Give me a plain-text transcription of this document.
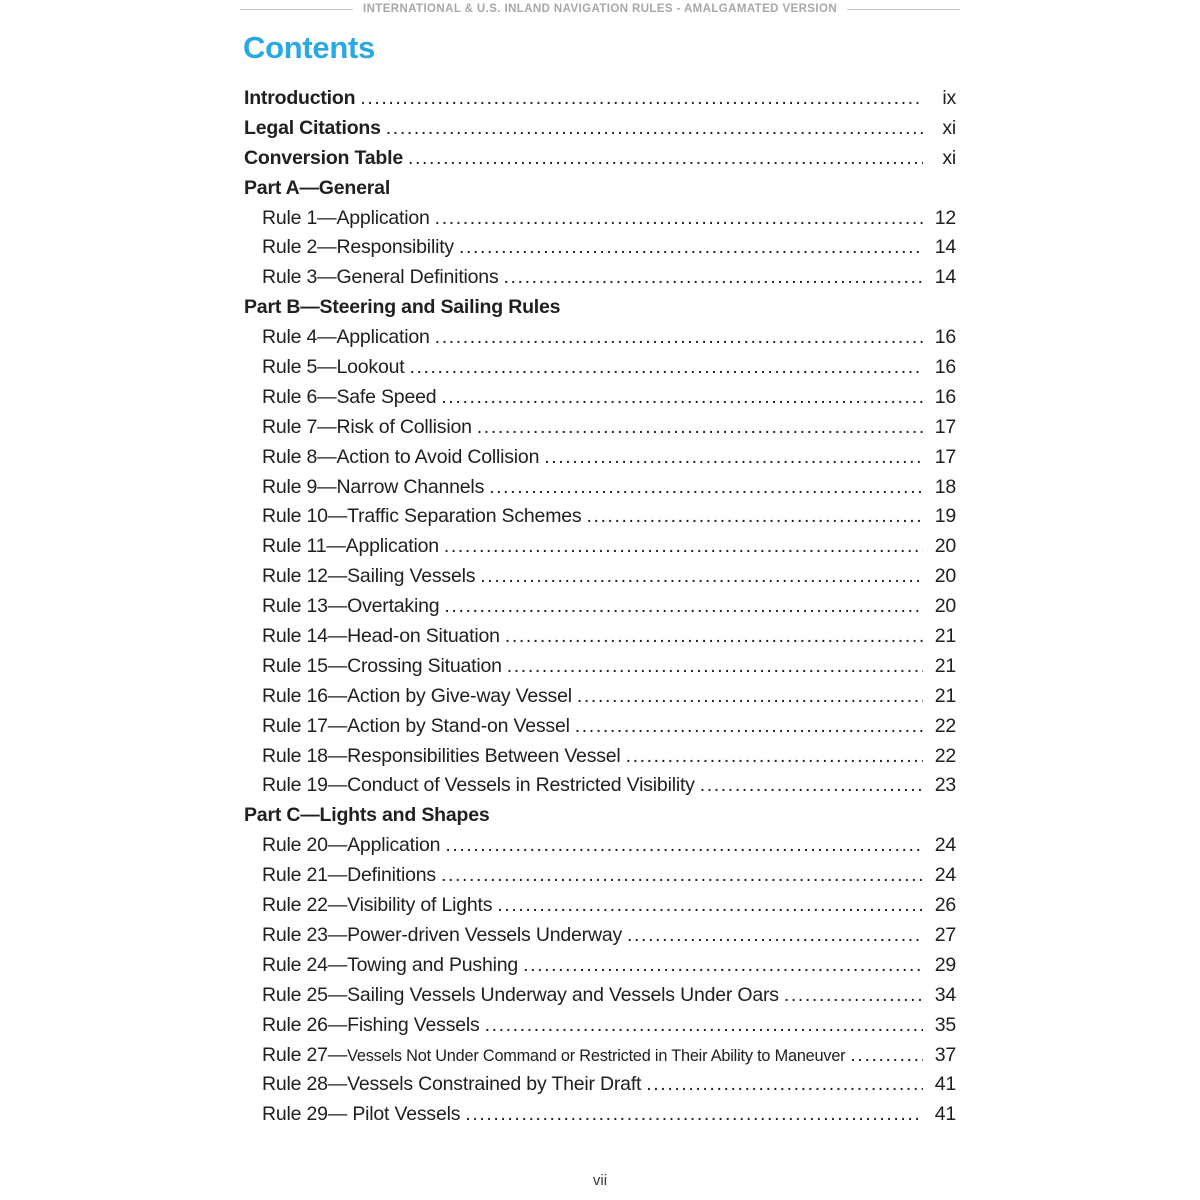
INTERNATIONAL & U.S. INLAND NAVIGATION RULES - AMALGAMATED VERSION
Contents
Introduction .....	ix
Legal Citations .....	xi
Conversion Table .....	xi
Part A—General
Rule 1—Application .....	12
Rule 2—Responsibility .....	14
Rule 3—General Definitions .....	14
Part B—Steering and Sailing Rules
Rule 4—Application .....	16
Rule 5—Lookout .....	16
Rule 6—Safe Speed .....	16
Rule 7—Risk of Collision .....	17
Rule 8—Action to Avoid Collision .....	17
Rule 9—Narrow Channels .....	18
Rule 10—Traffic Separation Schemes .....	19
Rule 11—Application .....	20
Rule 12—Sailing Vessels .....	20
Rule 13—Overtaking .....	20
Rule 14—Head-on Situation .....	21
Rule 15—Crossing Situation .....	21
Rule 16—Action by Give-way Vessel .....	21
Rule 17—Action by Stand-on Vessel .....	22
Rule 18—Responsibilities Between Vessel .....	22
Rule 19—Conduct of Vessels in Restricted Visibility .....	23
Part C—Lights and Shapes
Rule 20—Application .....	24
Rule 21—Definitions .....	24
Rule 22—Visibility of Lights .....	26
Rule 23—Power-driven Vessels Underway .....	27
Rule 24—Towing and Pushing .....	29
Rule 25—Sailing Vessels Underway and Vessels Under Oars .....	34
Rule 26—Fishing Vessels .....	35
Rule 27— Vessels Not Under Command or Restricted in Their Ability to Maneuver .....	37
Rule 28—Vessels Constrained by Their Draft .....	41
Rule 29— Pilot Vessels .....	41
vii
